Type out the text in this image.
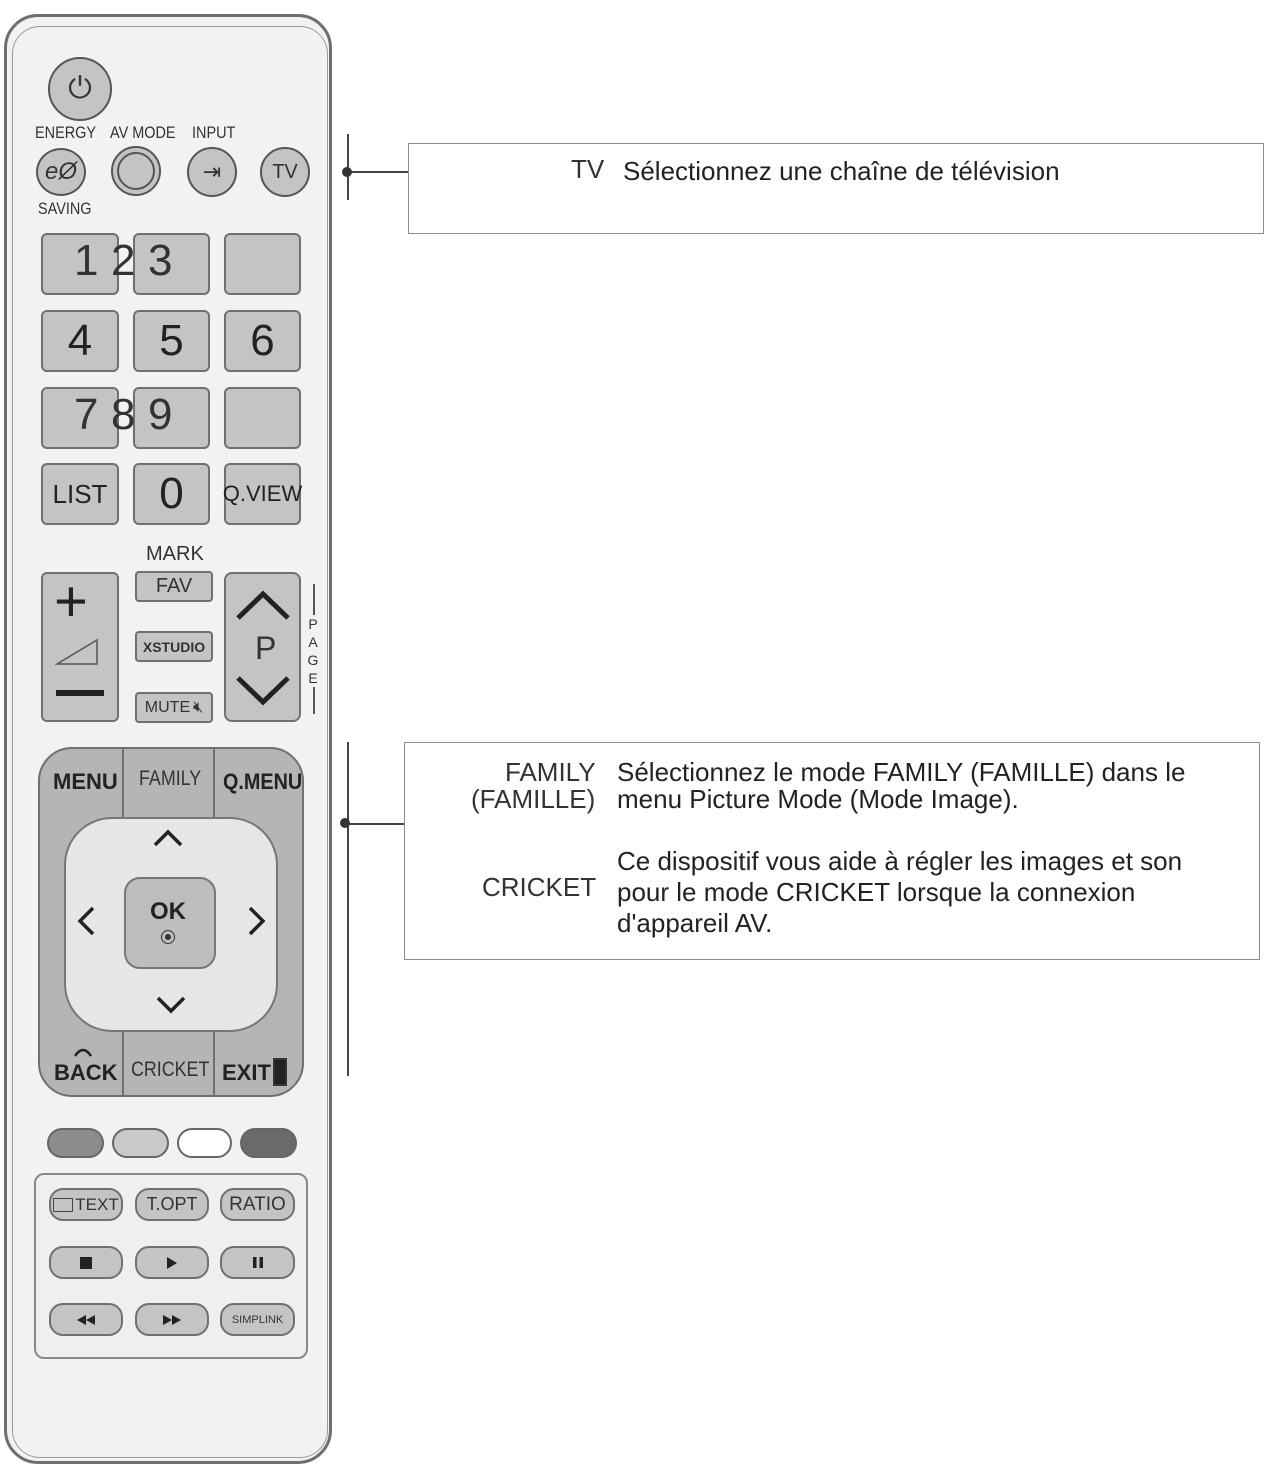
⏻
ENERGY AV MODE INPUT
eØ	⇥	TV
SAVING
1 2 3
4 5 6
7 8 9
LIST 0 Q.VIEW
MARK
FAV
XSTUDIO
MUTE 🔇︎
+
P
P
A
G
E
MENU FAMILY Q.MENU
OK
BACK CRICKET EXIT
TEXT T.OPT RATIO
SIMPLINK
TV Sélectionnez une chaîne de télévision
FAMILY
(FAMILLE)
Sélectionnez le mode FAMILY (FAMILLE) dans le
menu Picture Mode (Mode Image).
CRICKET
Ce dispositif vous aide à régler les images et son
pour le mode CRICKET lorsque la connexion
d'appareil AV.
